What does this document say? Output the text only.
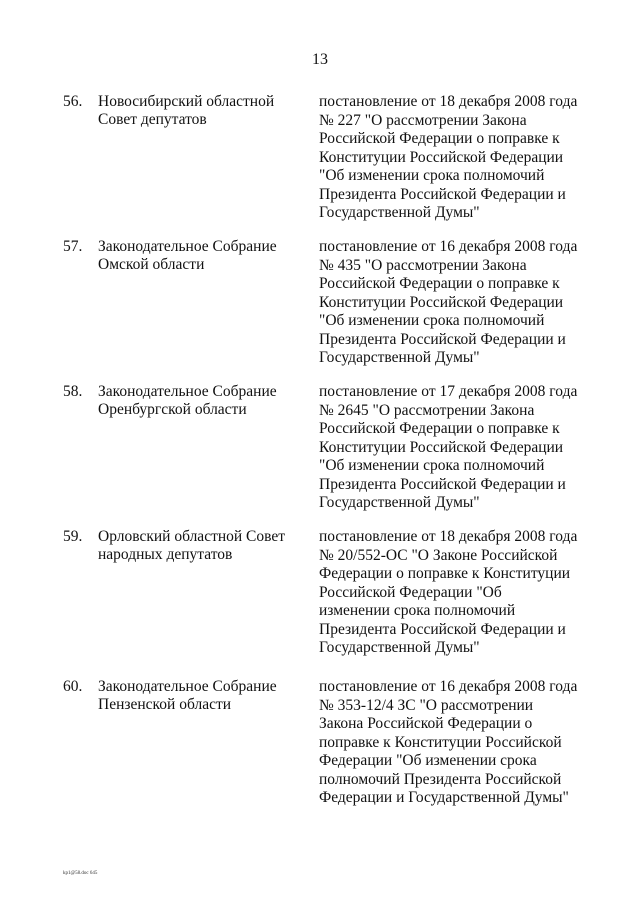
13
56. Новосибирский областной
Совет депутатов
постановление от 18 декабря 2008 года
№ 227 "О рассмотрении Закона
Российской Федерации о поправке к
Конституции Российской Федерации
"Об изменении срока полномочий
Президента Российской Федерации и
Государственной Думы"
57. Законодательное Собрание
Омской области
постановление от 16 декабря 2008 года
№ 435 "О рассмотрении Закона
Российской Федерации о поправке к
Конституции Российской Федерации
"Об изменении срока полномочий
Президента Российской Федерации и
Государственной Думы"
58. Законодательное Собрание
Оренбургской области
постановление от 17 декабря 2008 года
№ 2645 "О рассмотрении Закона
Российской Федерации о поправке к
Конституции Российской Федерации
"Об изменении срока полномочий
Президента Российской Федерации и
Государственной Думы"
59. Орловский областной Совет
народных депутатов
постановление от 18 декабря 2008 года
№ 20/552-ОС "О Законе Российской
Федерации о поправке к Конституции
Российской Федерации "Об
изменении срока полномочий
Президента Российской Федерации и
Государственной Думы"
60. Законодательное Собрание
Пензенской области
постановление от 16 декабря 2008 года
№ 353-12/4 ЗС "О рассмотрении
Закона Российской Федерации о
поправке к Конституции Российской
Федерации "Об изменении срока
полномочий Президента Российской
Федерации и Государственной Думы"
kp1@58.doc 645
